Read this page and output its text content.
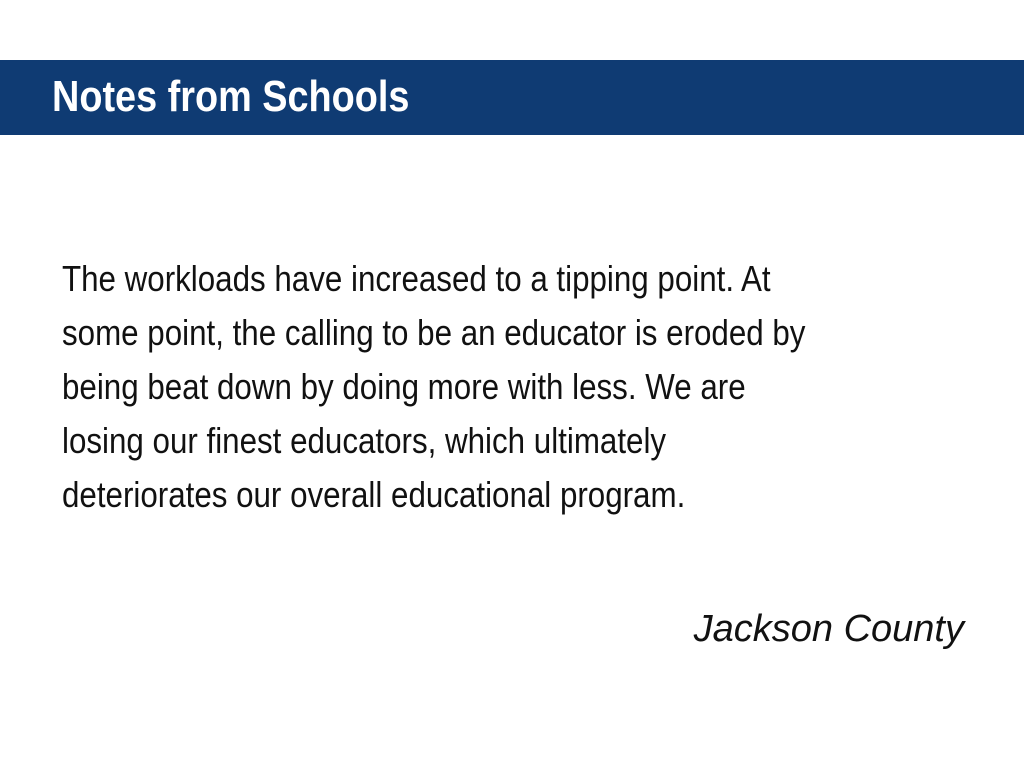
Notes from Schools

The workloads have increased to a tipping point. At
some point, the calling to be an educator is eroded by
being beat down by doing more with less. We are
losing our finest educators, which ultimately
deteriorates our overall educational program.

Jackson County
